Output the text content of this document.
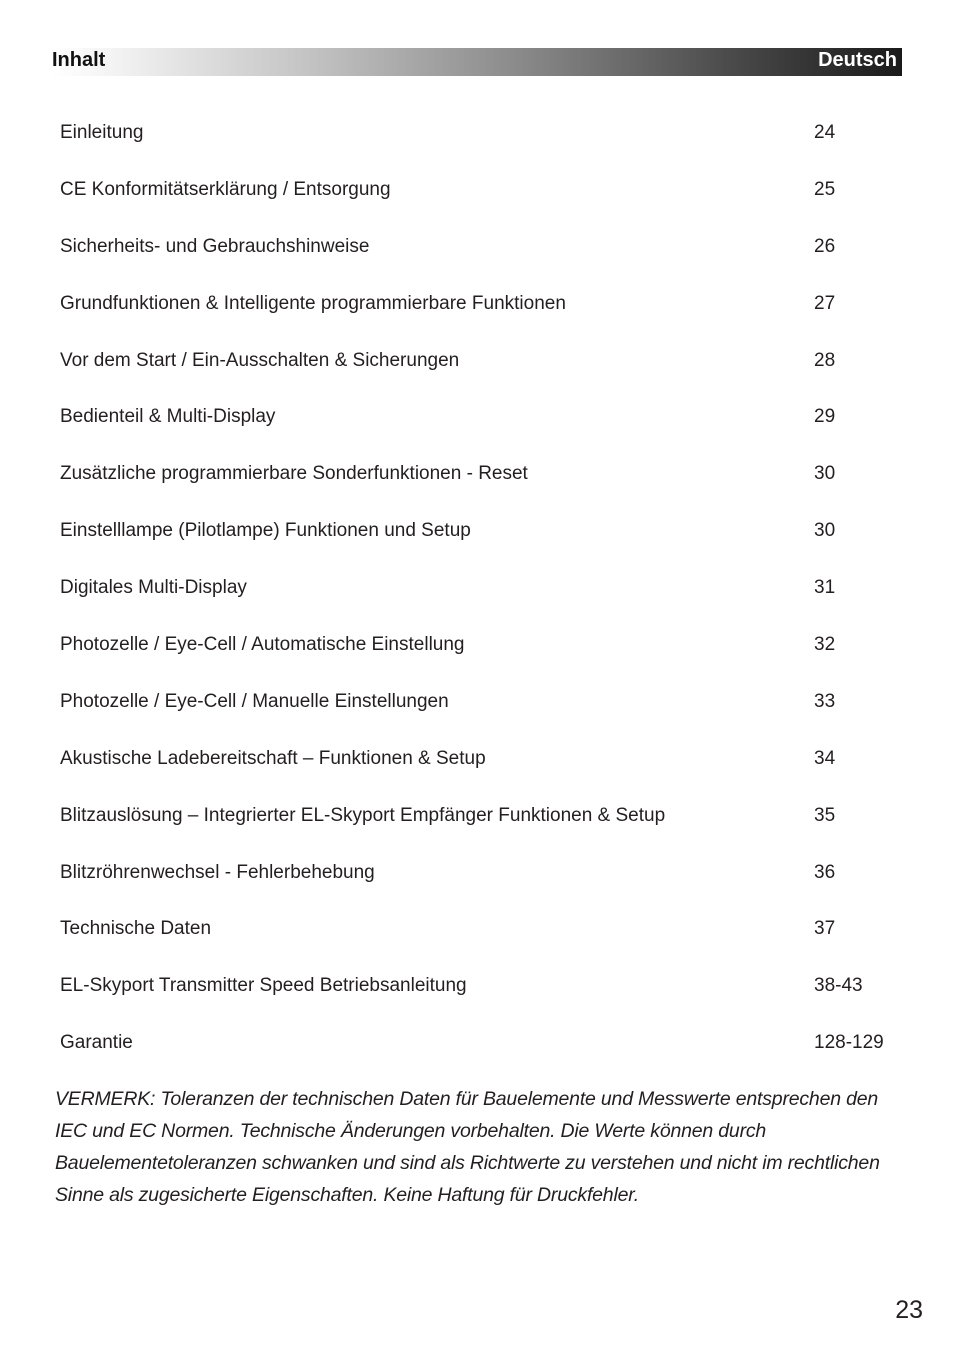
Inhalt	Deutsch
Einleitung	24
CE Konformitätserklärung / Entsorgung	25
Sicherheits- und Gebrauchshinweise	26
Grundfunktionen & Intelligente programmierbare Funktionen	27
Vor dem Start / Ein-Ausschalten & Sicherungen	28
Bedienteil & Multi-Display	29
Zusätzliche programmierbare Sonderfunktionen - Reset	30
Einstelllampe (Pilotlampe) Funktionen und Setup	30
Digitales Multi-Display	31
Photozelle / Eye-Cell / Automatische Einstellung	32
Photozelle / Eye-Cell / Manuelle Einstellungen	33
Akustische Ladebereitschaft – Funktionen & Setup	34
Blitzauslösung – Integrierter EL-Skyport Empfänger Funktionen & Setup	35
Blitzröhrenwechsel - Fehlerbehebung	36
Technische Daten	37
EL-Skyport Transmitter Speed Betriebsanleitung	38-43
Garantie	128-129
VERMERK: Toleranzen der technischen Daten für Bauelemente und Messwerte entsprechen den IEC und EC Normen. Technische Änderungen vorbehalten. Die Werte können durch Bauelementetoleranzen schwanken und sind als Richtwerte zu verstehen und nicht im rechtlichen Sinne als zugesicherte Eigenschaften. Keine Haftung für Druckfehler.
23
